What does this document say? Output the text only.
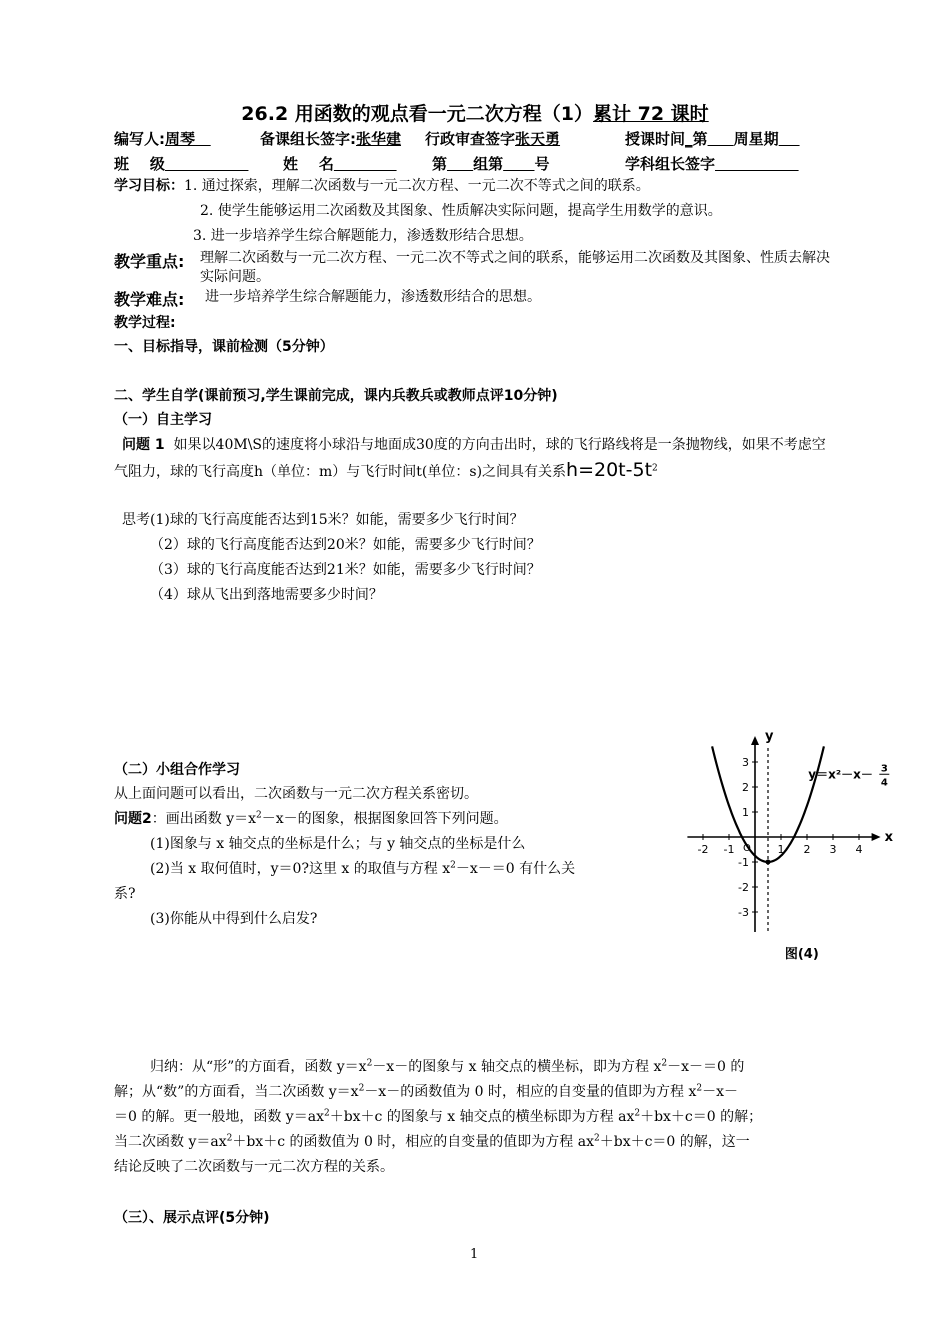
26.2 用函数的观点看一元二次方程（1）累计 72 课时
编写人:周琴	备课组长签字:张华建 行政审查签字张天勇	授课时间_第 周星期
班    级	姓    名	第 组第 号	学科组长签字
学习目标：1. 通过探索，理解二次函数与一元二次方程、一元二次不等式之间的联系。
2. 使学生能够运用二次函数及其图象、性质解决实际问题，提高学生用数学的意识。
3. 进一步培养学生综合解题能力，渗透数形结合思想。
教学重点: 理解二次函数与一元二次方程、一元二次不等式之间的联系，能够运用二次函数及其图象、性质去解决实际问题。
教学难点: 进一步培养学生综合解题能力，渗透数形结合的思想。
教学过程:
一、目标指导，课前检测（5分钟）
二、学生自学(课前预习,学生课前完成，课内兵教兵或教师点评10分钟)
（一）自主学习
问题 1 如果以40M\S的速度将小球沿与地面成30度的方向击出时，球的飞行路线将是一条抛物线，如果不考虑空气阻力，球的飞行高度h（单位：m）与飞行时间t(单位：s)之间具有关系$h=20t-5t^2$
思考(1)球的飞行高度能否达到15米？如能，需要多少飞行时间？
（2）球的飞行高度能否达到20米？如能，需要多少飞行时间？
（3）球的飞行高度能否达到21米？如能，需要多少飞行时间？
（4）球从飞出到落地需要多少时间？
（二）小组合作学习
从上面问题可以看出，二次函数与一元二次方程关系密切。
问题2：画出函数 $y=x^2-x-$的图象，根据图象回答下列问题。
(1)图象与 x 轴交点的坐标是什么；与 y 轴交点的坐标是什么
(2)当 x 取何值时，y＝0?这里 x 的取值与方程 $x^2-x-=0$ 有什么关
系?
(3)你能从中得到什么启发?
x
y
-2 -1	1 2 3 4
-3
-2
-1
1
2
3
O
y＝x²－x－ 3
4
图(4)
归纳：从“形”的方面看，函数 $y=x^2-x-$的图象与 x 轴交点的横坐标，即为方程 $x^2-x-=0$ 的
解；从“数”的方面看，当二次函数 $y=x^2-x-$的函数值为 0 时，相应的自变量的值即为方程 $x^2-x-$
＝0 的解。更一般地，函数 $y=ax^2+bx+c$ 的图象与 x 轴交点的横坐标即为方程 $ax^2+bx+c=0$ 的解；
当二次函数 $y=ax^2+bx+c$ 的函数值为 0 时，相应的自变量的值即为方程 $ax^2+bx+c=0$ 的解，这一
结论反映了二次函数与一元二次方程的关系。
（三）、展示点评(5分钟)
1
